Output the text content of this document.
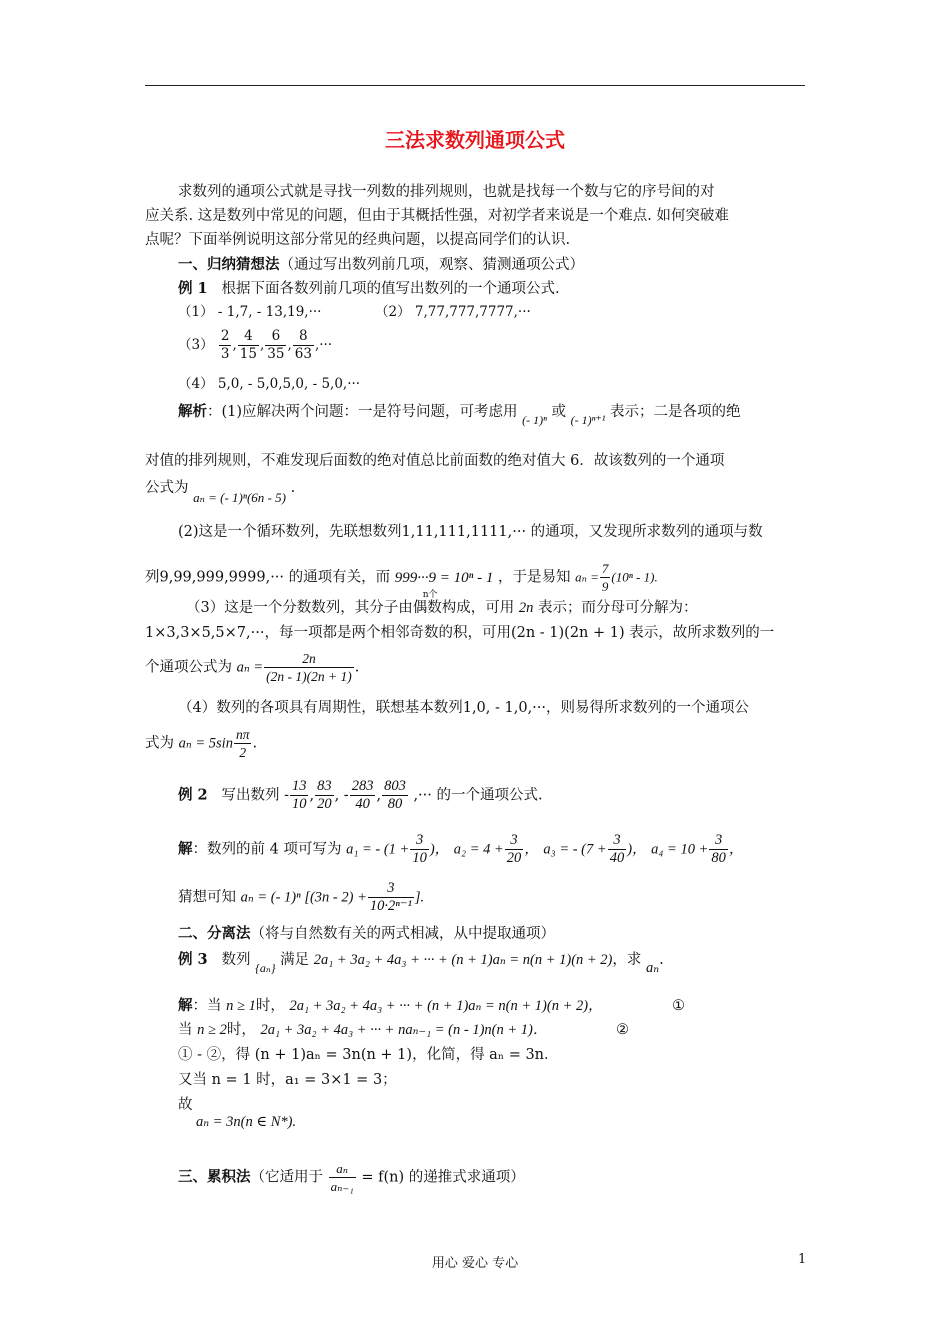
三法求数列通项公式
求数列的通项公式就是寻找一列数的排列规则，也就是找每一个数与它的序号间的对
应关系. 这是数列中常见的问题，但由于其概括性强，对初学者来说是一个难点. 如何突破难
点呢？下面举例说明这部分常见的经典问题，以提高同学们的认识.
一、归纳猜想法（通过写出数列前几项，观察、猜测通项公式）
例 1 根据下面各数列前几项的值写出数列的一个通项公式.
（1） - 1,7, - 13,19,···	（2） 7,77,777,7777,···
$(3) \frac{2}{3}$ , $\frac{4}{15}$ , $\frac{6}{35}$ , $\frac{8}{63}$ ,···
（4） 5,0, - 5,0,5,0, - 5,0,···
解析：(1)应解决两个问题：一是符号问题，可考虑用 $_{(- 1)^n}$ 或 $_{(- 1)^{n+1}}$ 表示；二是各项的绝
对值的排列规则，不难发现后面数的绝对值总比前面数的绝对值大 6．故该数列的一个通项
公式为 aₙ = (- 1)ⁿ(6n - 5) .
(2)这是一个循环数列，先联想数列1,11,111,1111,··· 的通项，又发现所求数列的通项与数
列9,99,999,9999,··· 的通项有关，而 999···9 = 10ⁿ - 1
n个
，于是易知 $a_n = \frac{7}{9} (10^n - 1)$.
（3）这是一个分数数列，其分子由偶数构成，可用 2n 表示；而分母可分解为：
1×3,3×5,5×7,···，每一项都是两个相邻奇数的积，可用(2n - 1)(2n + 1) 表示，故所求数列的一
个通项公式为 $a_n = \frac{2n}{(2n - 1)(2n + 1)}$ .
（4）数列的各项具有周期性，联想基本数列1,0, - 1,0,···，则易得所求数列的一个通项公
式为 $a_n = 5\sin \frac{n\pi}{2}$ .
例 2 写出数列 - $\frac{13}{10}$ , $\frac{83}{20}$ , - $\frac{283}{40}$ , $\frac{803}{80}$ ,··· 的一个通项公式.
解：数列的前 4 项可写为 a₁ = - ($1 + \frac{3}{10}$ )， $a_2 = 4 + \frac{3}{20}$ ， a₃ = - ($7 + \frac{3}{40}$ )， $a_4 = 10 + \frac{3}{80}$ ，
猜想可知 aₙ = (- 1)ⁿ [$(3n - 2) + \frac{3}{\text{10·2ⁿ⁻¹}}$ ].
二、分离法（将与自然数有关的两式相减，从中提取通项）
例 3 数列 $_{\{a_n\}}$ 满足 2a₁ + 3a₂ + 4a₃ + ··· + (n + 1)aₙ = n(n + 1)(n + 2)，求 aₙ.
解：当 n ≥ 1时， 2a₁ + 3a₂ + 4a₃ + ··· + (n + 1)aₙ = n(n + 1)(n + 2)，	①
当 n ≥ 2时， 2a₁ + 3a₂ + 4a₃ + ··· + naₙ₋₁ = (n - 1)n(n + 1)．	②
① - ②，得 (n + 1)aₙ = 3n(n + 1)，化简，得 aₙ = 3n．
又当 n = 1 时，a₁ = 3×1 = 3；
故
aₙ = 3n(n ∈ N*).
三、累积法（它适用于 $\frac{\text{aₙ}}{\text{aₙ₋₁}} = f(n)$ 的递推式求通项）
用心 爱心 专心	1
